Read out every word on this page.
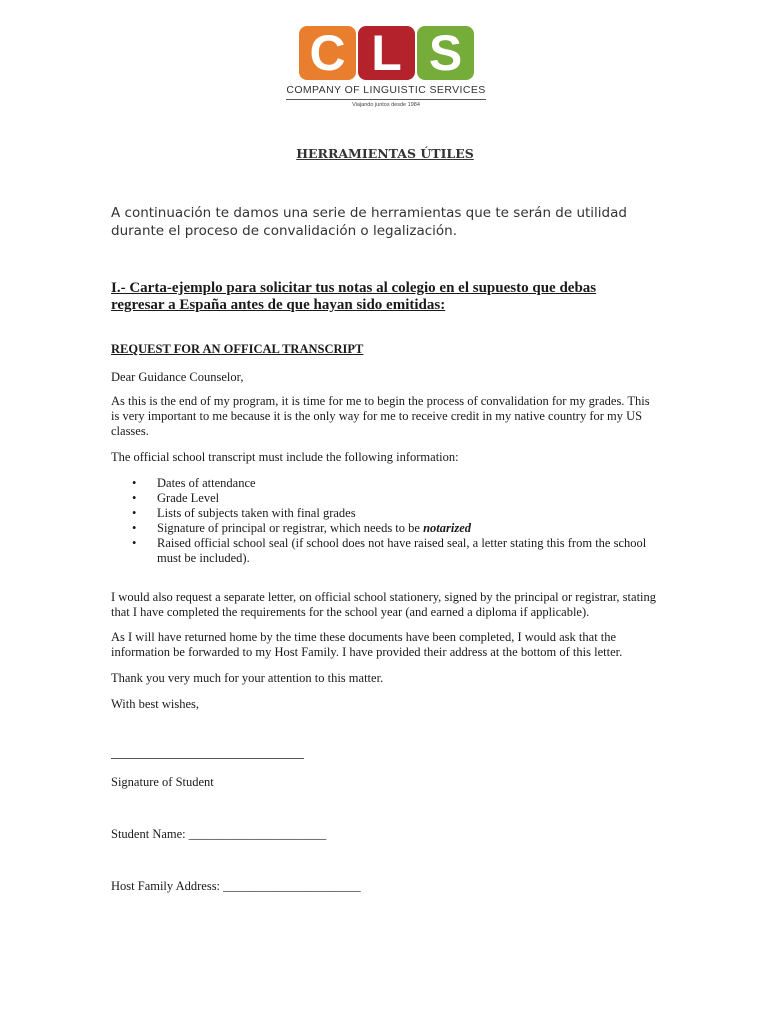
C L S
COMPANY OF LINGUISTIC SERVICES
Viajando juntos desde 1984
HERRAMIENTAS ÚTILES

A continuación te damos una serie de herramientas que te serán de utilidad durante el proceso de convalidación o legalización.

I.- Carta-ejemplo para solicitar tus notas al colegio en el supuesto que debas regresar a España antes de que hayan sido emitidas:
REQUEST FOR AN OFFICAL TRANSCRIPT

Dear Guidance Counselor,

As this is the end of my program, it is time for me to begin the process of convalidation for my grades. This is very important to me because it is the only way for me to receive credit in my native country for my US classes.

The official school transcript must include the following information:

• Dates of attendance
• Grade Level
• Lists of subjects taken with final grades
• Signature of principal or registrar, which needs to be notarized
• Raised official school seal (if school does not have raised seal, a letter stating this from the school must be included).

I would also request a separate letter, on official school stationery, signed by the principal or registrar, stating that I have completed the requirements for the school year (and earned a diploma if applicable).

As I will have returned home by the time these documents have been completed, I would ask that the information be forwarded to my Host Family. I have provided their address at the bottom of this letter.

Thank you very much for your attention to this matter.

With best wishes,

Signature of Student

Student Name: ______________________

Host Family Address: ______________________
